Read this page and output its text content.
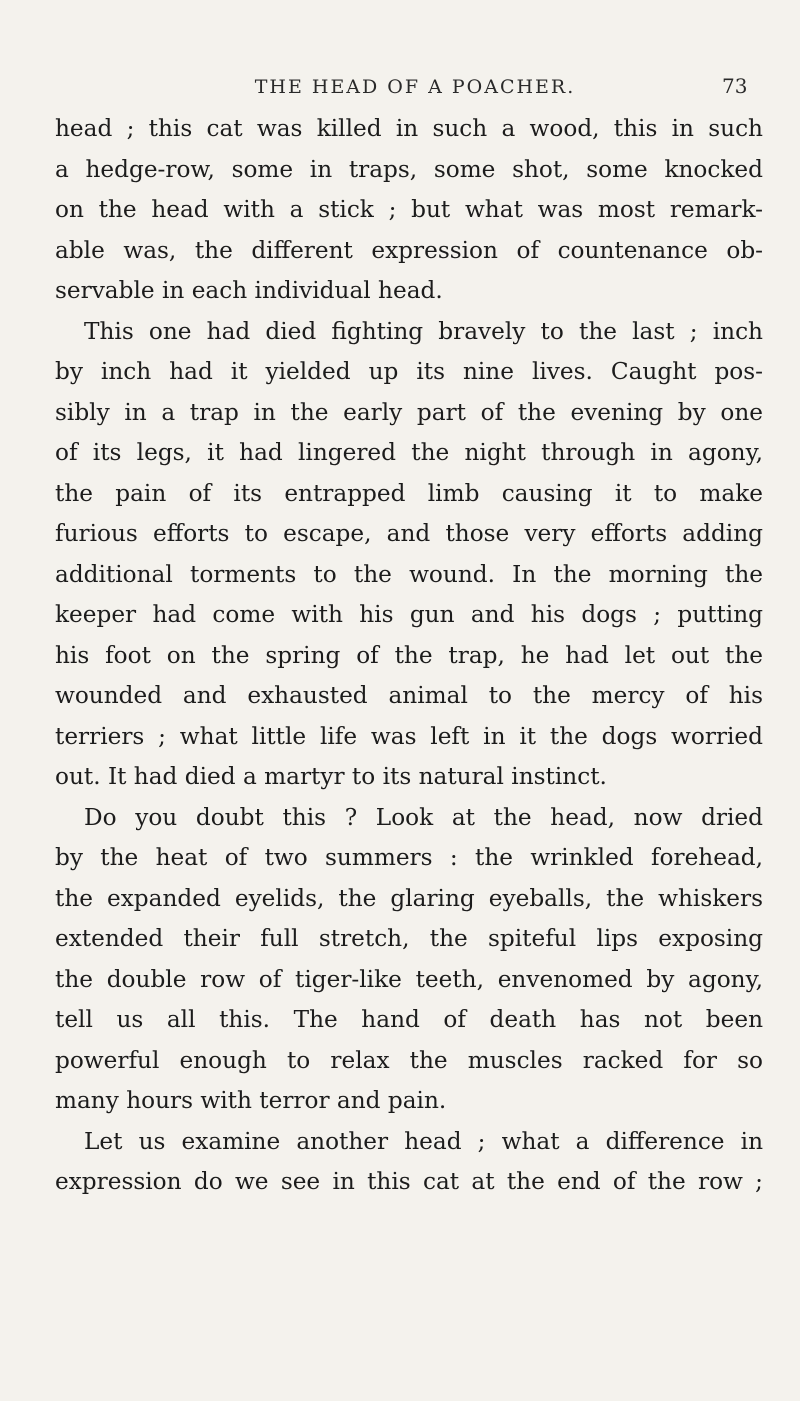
THE HEAD OF A POACHER.	73
head ; this cat was killed in such a wood, this in such
a hedge-row, some in traps, some shot, some knocked
on the head with a stick ; but what was most remark-
able was, the different expression of countenance ob-
servable in each individual head.
This one had died fighting bravely to the last ; inch
by inch had it yielded up its nine lives. Caught pos-
sibly in a trap in the early part of the evening by one
of its legs, it had lingered the night through in agony,
the pain of its entrapped limb causing it to make
furious efforts to escape, and those very efforts adding
additional torments to the wound. In the morning the
keeper had come with his gun and his dogs ; putting
his foot on the spring of the trap, he had let out the
wounded and exhausted animal to the mercy of his
terriers ; what little life was left in it the dogs worried
out. It had died a martyr to its natural instinct.
Do you doubt this ? Look at the head, now dried
by the heat of two summers : the wrinkled forehead,
the expanded eyelids, the glaring eyeballs, the whiskers
extended their full stretch, the spiteful lips exposing
the double row of tiger-like teeth, envenomed by agony,
tell us all this. The hand of death has not been
powerful enough to relax the muscles racked for so
many hours with terror and pain.
Let us examine another head ; what a difference in
expression do we see in this cat at the end of the row ;
